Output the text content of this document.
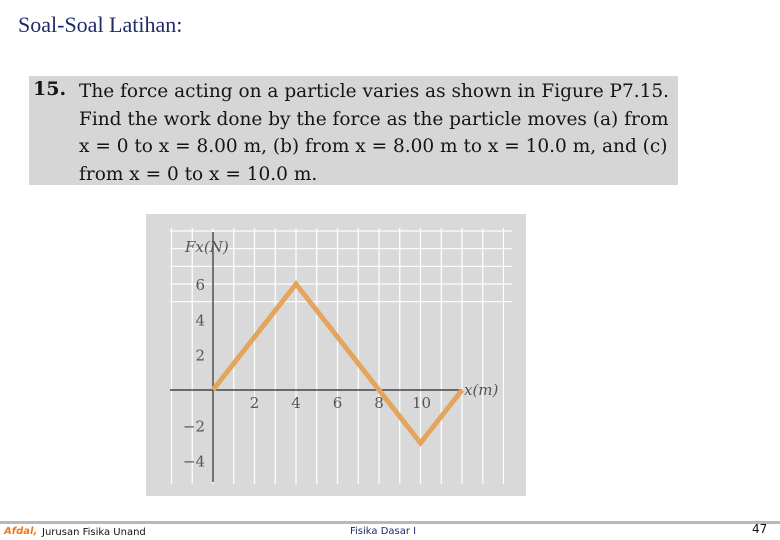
Soal-Soal Latihan:
15. The force acting on a particle varies as shown in Figure P7.15. Find the work done by the force as the particle moves (a) from x = 0 to x = 8.00 m, (b) from x = 8.00 m to x = 10.0 m, and (c) from x = 0 to x = 10.0 m.
2 4 6 8 10
6
4
2
−2
−4
Fx(N)
x(m)
Afdal, Jurusan Fisika Unand	Fisika Dasar I	47
